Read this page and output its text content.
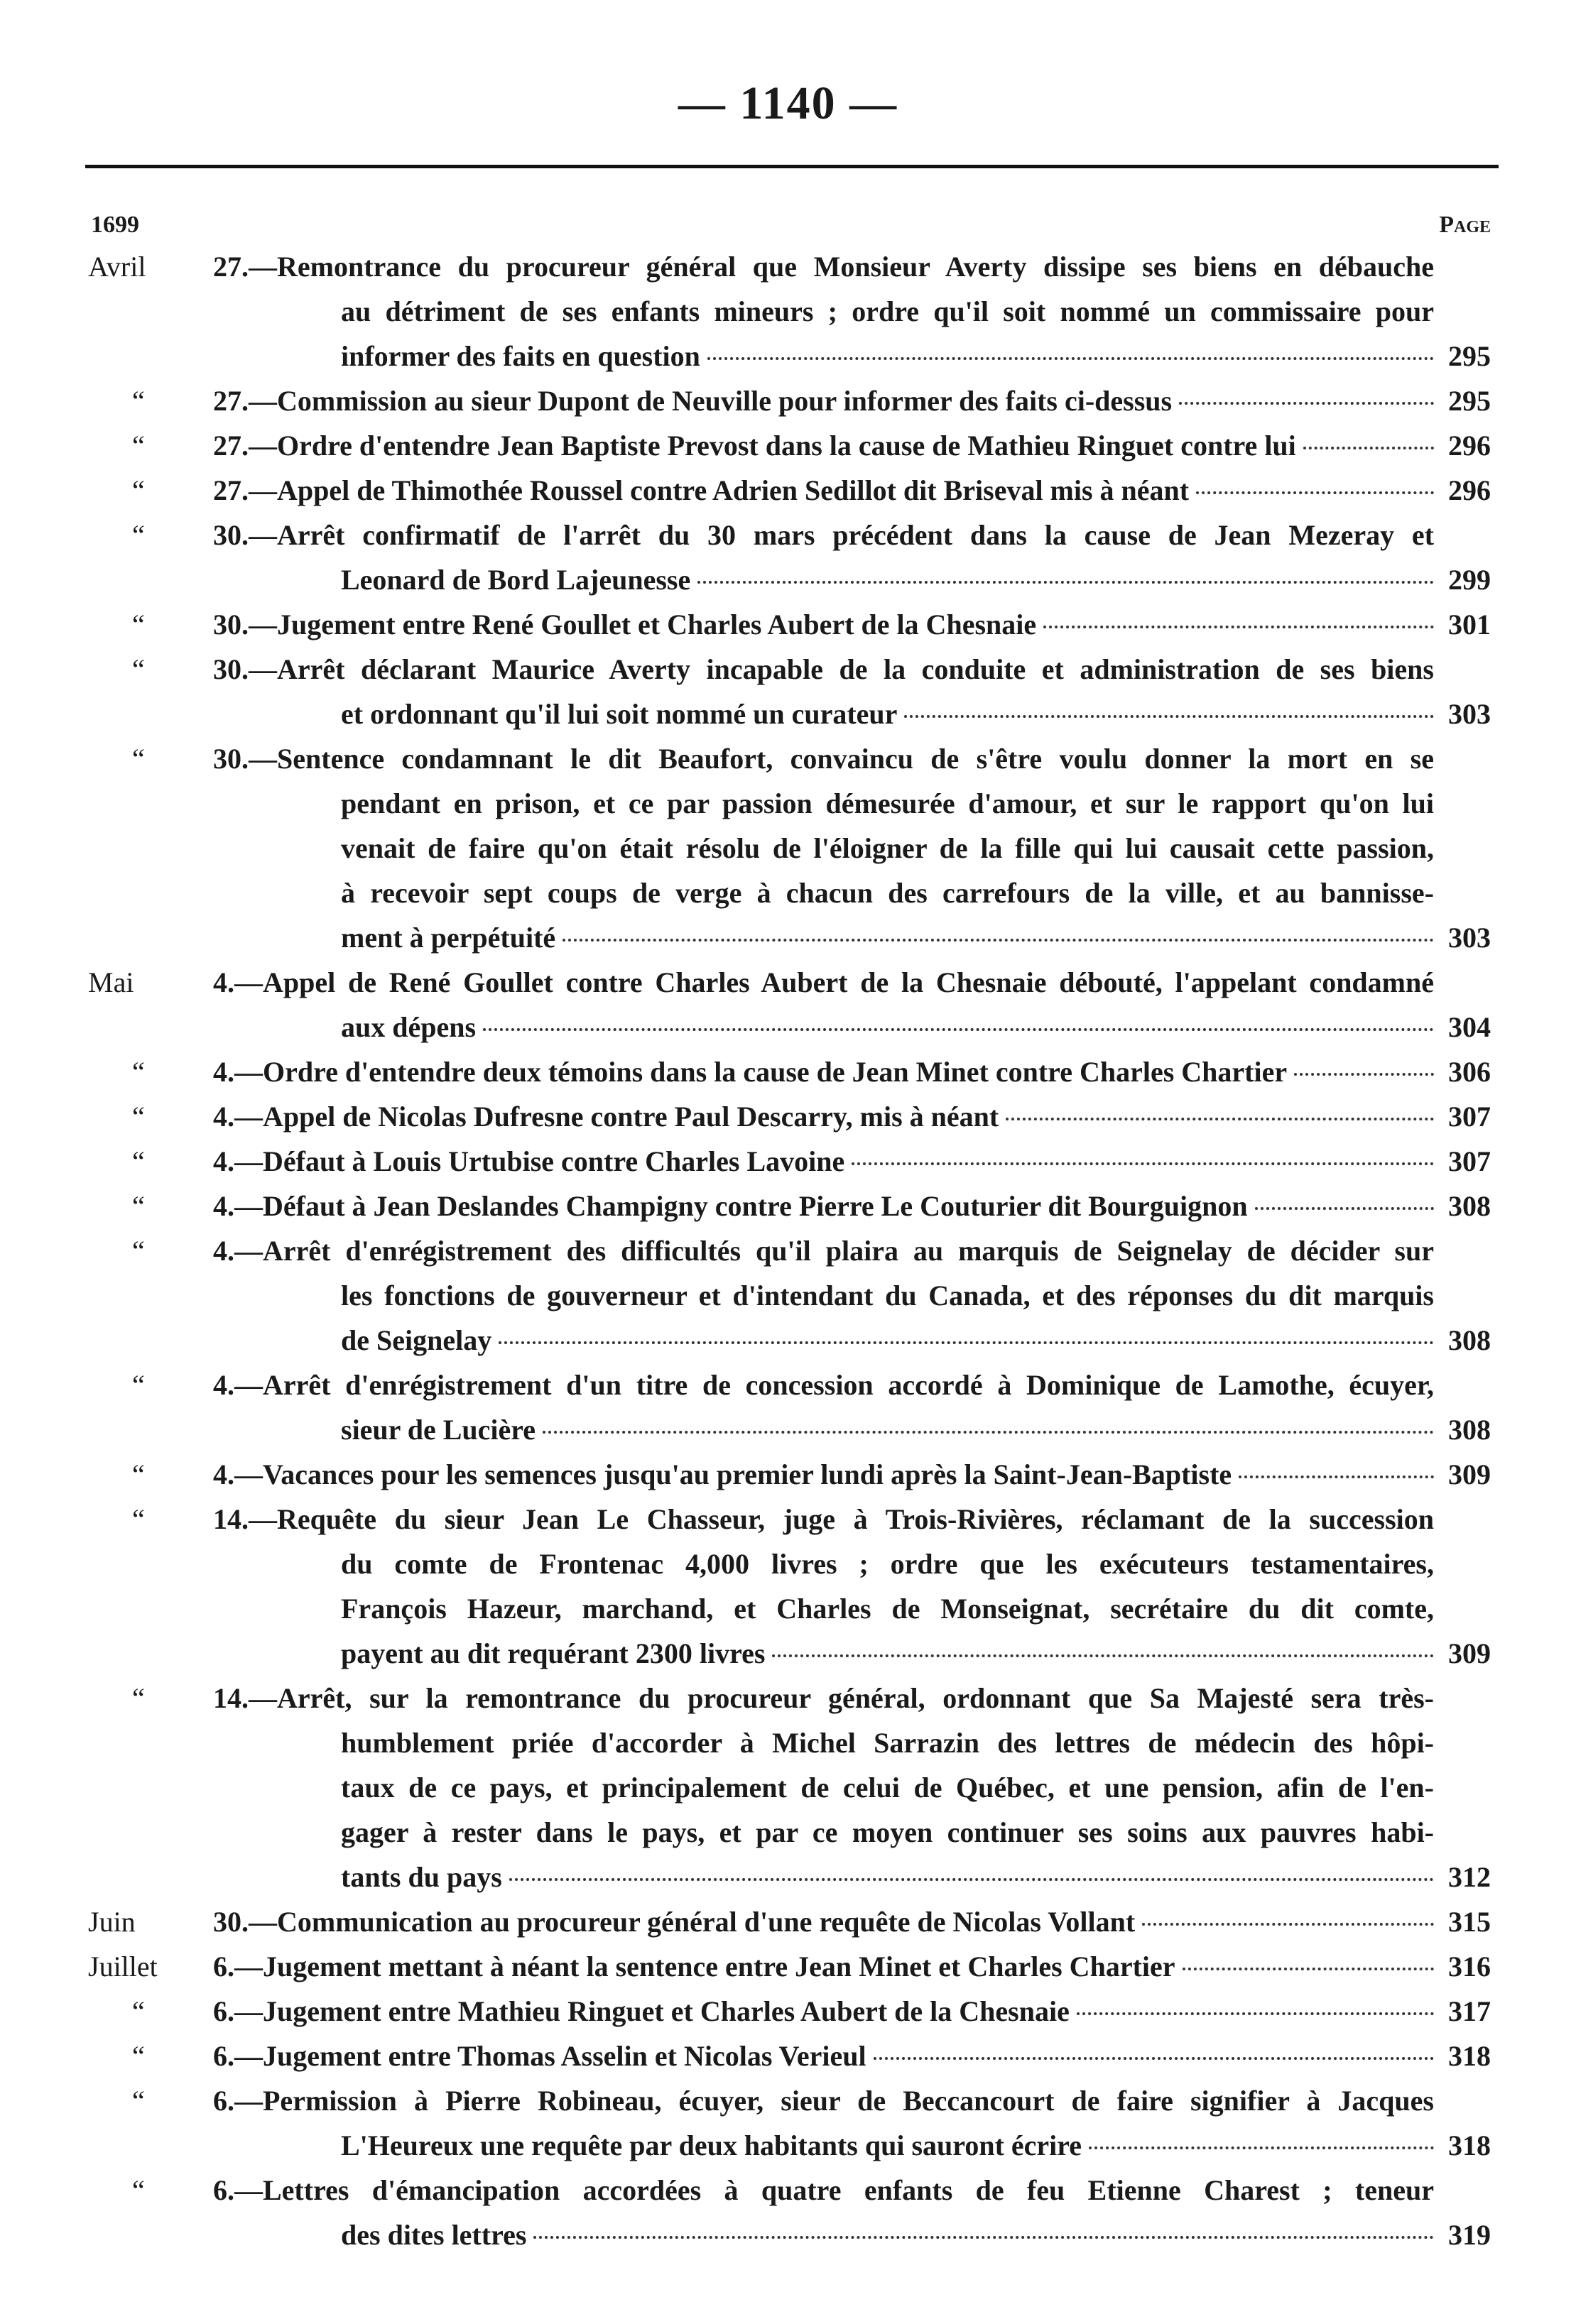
— 1140 —
1699	Page
Avril	27. —Remontrance du procureur général que Monsieur Averty dissipe ses biens en débauche
au détriment de ses enfants mineurs ; ordre qu'il soit nommé un commissaire pour
informer des faits en question	295
“	27. —Commission au sieur Dupont de Neuville pour informer des faits ci-dessus	295
“	27. —Ordre d'entendre Jean Baptiste Prevost dans la cause de Mathieu Ringuet contre lui	296
“	27. —Appel de Thimothée Roussel contre Adrien Sedillot dit Briseval mis à néant	296
“	30. —Arrêt confirmatif de l'arrêt du 30 mars précédent dans la cause de Jean Mezeray et
Leonard de Bord Lajeunesse	299
“	30. —Jugement entre René Goullet et Charles Aubert de la Chesnaie	301
“	30. —Arrêt déclarant Maurice Averty incapable de la conduite et administration de ses biens
et ordonnant qu'il lui soit nommé un curateur	303
“	30. —Sentence condamnant le dit Beaufort, convaincu de s'être voulu donner la mort en se
pendant en prison, et ce par passion démesurée d'amour, et sur le rapport qu'on lui
venait de faire qu'on était résolu de l'éloigner de la fille qui lui causait cette passion,
à recevoir sept coups de verge à chacun des carrefours de la ville, et au bannisse-
ment à perpétuité	303
Mai	4. —Appel de René Goullet contre Charles Aubert de la Chesnaie débouté, l'appelant condamné
aux dépens	304
“	4. —Ordre d'entendre deux témoins dans la cause de Jean Minet contre Charles Chartier	306
“	4. —Appel de Nicolas Dufresne contre Paul Descarry, mis à néant	307
“	4. —Défaut à Louis Urtubise contre Charles Lavoine	307
“	4. —Défaut à Jean Deslandes Champigny contre Pierre Le Couturier dit Bourguignon	308
“	4. —Arrêt d'enrégistrement des difficultés qu'il plaira au marquis de Seignelay de décider sur
les fonctions de gouverneur et d'intendant du Canada, et des réponses du dit marquis
de Seignelay	308
“	4. —Arrêt d'enrégistrement d'un titre de concession accordé à Dominique de Lamothe, écuyer,
sieur de Lucière	308
“	4. —Vacances pour les semences jusqu'au premier lundi après la Saint-Jean-Baptiste	309
“	14. —Requête du sieur Jean Le Chasseur, juge à Trois-Rivières, réclamant de la succession
du comte de Frontenac 4,000 livres ; ordre que les exécuteurs testamentaires,
François Hazeur, marchand, et Charles de Monseignat, secrétaire du dit comte,
payent au dit requérant 2300 livres	309
“	14. —Arrêt, sur la remontrance du procureur général, ordonnant que Sa Majesté sera très-
humblement priée d'accorder à Michel Sarrazin des lettres de médecin des hôpi-
taux de ce pays, et principalement de celui de Québec, et une pension, afin de l'en-
gager à rester dans le pays, et par ce moyen continuer ses soins aux pauvres habi-
tants du pays	312
Juin	30. —Communication au procureur général d'une requête de Nicolas Vollant	315
Juillet	6. —Jugement mettant à néant la sentence entre Jean Minet et Charles Chartier	316
“	6. —Jugement entre Mathieu Ringuet et Charles Aubert de la Chesnaie	317
“	6. —Jugement entre Thomas Asselin et Nicolas Verieul	318
“	6. —Permission à Pierre Robineau, écuyer, sieur de Beccancourt de faire signifier à Jacques
L'Heureux une requête par deux habitants qui sauront écrire	318
“	6. —Lettres d'émancipation accordées à quatre enfants de feu Etienne Charest ; teneur
des dites lettres	319
